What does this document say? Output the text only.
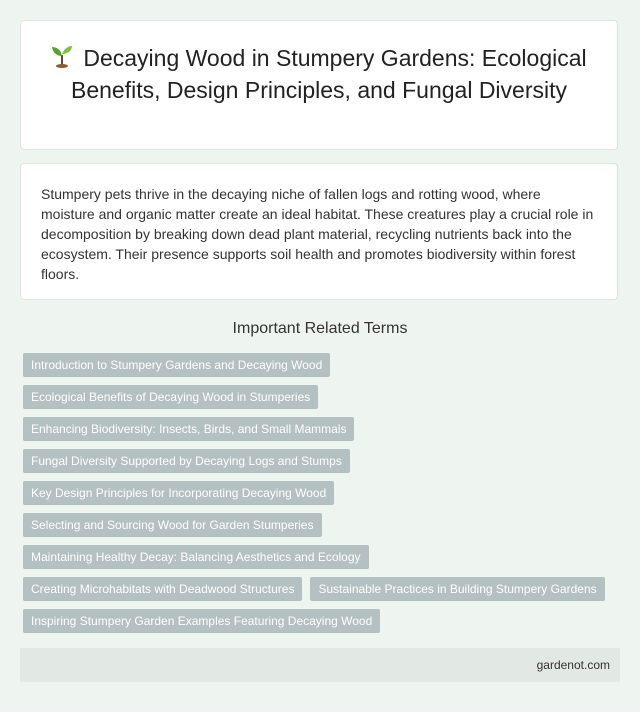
Decaying Wood in Stumpery Gardens: Ecological Benefits, Design Principles, and Fungal Diversity

Stumpery pets thrive in the decaying niche of fallen logs and rotting wood, where moisture and organic matter create an ideal habitat. These creatures play a crucial role in decomposition by breaking down dead plant material, recycling nutrients back into the ecosystem. Their presence supports soil health and promotes biodiversity within forest floors.

Important Related Terms
Introduction to Stumpery Gardens and Decaying Wood
Ecological Benefits of Decaying Wood in Stumperies
Enhancing Biodiversity: Insects, Birds, and Small Mammals
Fungal Diversity Supported by Decaying Logs and Stumps
Key Design Principles for Incorporating Decaying Wood
Selecting and Sourcing Wood for Garden Stumperies
Maintaining Healthy Decay: Balancing Aesthetics and Ecology
Creating Microhabitats with Deadwood Structures	Sustainable Practices in Building Stumpery Gardens
Inspiring Stumpery Garden Examples Featuring Decaying Wood
gardenot.com
